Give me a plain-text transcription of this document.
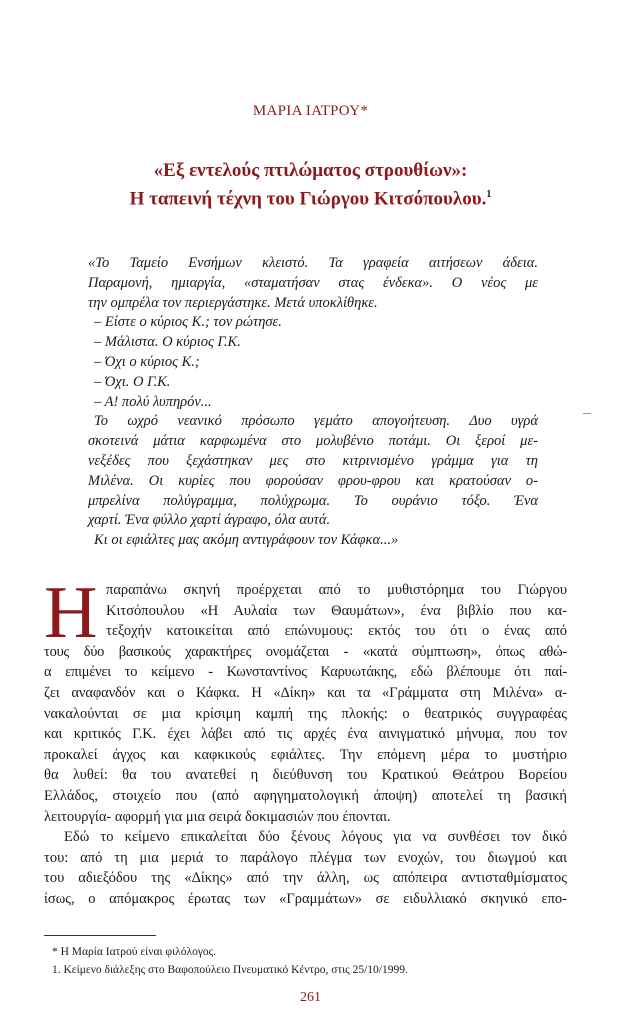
ΜΑΡΙΑ ΙΑΤΡΟΥ*
«Εξ εντελούς πτιλώματος στρουθίων»:
Η ταπεινή τέχνη του Γιώργου Κιτσόπουλου.$^1$
«Το Ταμείο Ενσήμων κλειστό. Τα γραφεία αιτήσεων άδεια.
Παραμονή, ημιαργία, «σταματήσαν στας ένδεκα». Ο νέος με
την ομπρέλα τον περιεργάστηκε. Μετά υποκλίθηκε.
– Είστε ο κύριος Κ.; τον ρώτησε.
– Μάλιστα. Ο κύριος Γ.Κ.
– Όχι ο κύριος Κ.;
– Όχι. Ο Γ.Κ.
– Α! πολύ λυπηρόν...
Το ωχρό νεανικό πρόσωπο γεμάτο απογοήτευση. Δυο υγρά
σκοτεινά μάτια καρφωμένα στο μολυβένιο ποτάμι. Οι ξεροί με-
νεξέδες που ξεχάστηκαν μες στο κιτρινισμένο γράμμα για τη
Μιλένα. Οι κυρίες που φορούσαν φρου-φρου και κρατούσαν ο-
μπρελίνα πολύγραμμα, πολύχρωμα. Το ουράνιο τόξο. Ένα
χαρτί. Ένα φύλλο χαρτί άγραφο, όλα αυτά.
Κι οι εφιάλτες μας ακόμη αντιγράφουν τον Κάφκα...»
Η παραπάνω σκηνή προέρχεται από το μυθιστόρημα του Γιώργου
Κιτσόπουλου «Η Αυλαία των Θαυμάτων», ένα βιβλίο που κα-
τεξοχήν κατοικείται από επώνυμους: εκτός του ότι ο ένας από
τους δύο βασικούς χαρακτήρες ονομάζεται - «κατά σύμπτωση», όπως αθώ-
α επιμένει το κείμενο - Κωνσταντίνος Καρυωτάκης, εδώ βλέπουμε ότι παί-
ζει αναφανδόν και ο Κάφκα. Η «Δίκη» και τα «Γράμματα στη Μιλένα» α-
νακαλούνται σε μια κρίσιμη καμπή της πλοκής: ο θεατρικός συγγραφέας
και κριτικός Γ.Κ. έχει λάβει από τις αρχές ένα αινιγματικό μήνυμα, που τον
προκαλεί άγχος και καφκικούς εφιάλτες. Την επόμενη μέρα το μυστήριο
θα λυθεί: θα του ανατεθεί η διεύθυνση του Κρατικού Θεάτρου Βορείου
Ελλάδος, στοιχείο που (από αφηγηματολογική άποψη) αποτελεί τη βασική
λειτουργία- αφορμή για μια σειρά δοκιμασιών που έπονται.
Εδώ το κείμενο επικαλείται δύο ξένους λόγους για να συνθέσει τον δικό
του: από τη μια μεριά το παράλογο πλέγμα των ενοχών, του διωγμού και
του αδιεξόδου της «Δίκης» από την άλλη, ως απόπειρα αντισταθμίσματος
ίσως, ο απόμακρος έρωτας των «Γραμμάτων» σε ειδυλλιακό σκηνικό επο-
* Η Μαρία Ιατρού είναι φιλόλογος.
1. Κείμενο διάλεξης στο Βαφοπούλειο Πνευματικό Κέντρο, στις 25/10/1999.
261
